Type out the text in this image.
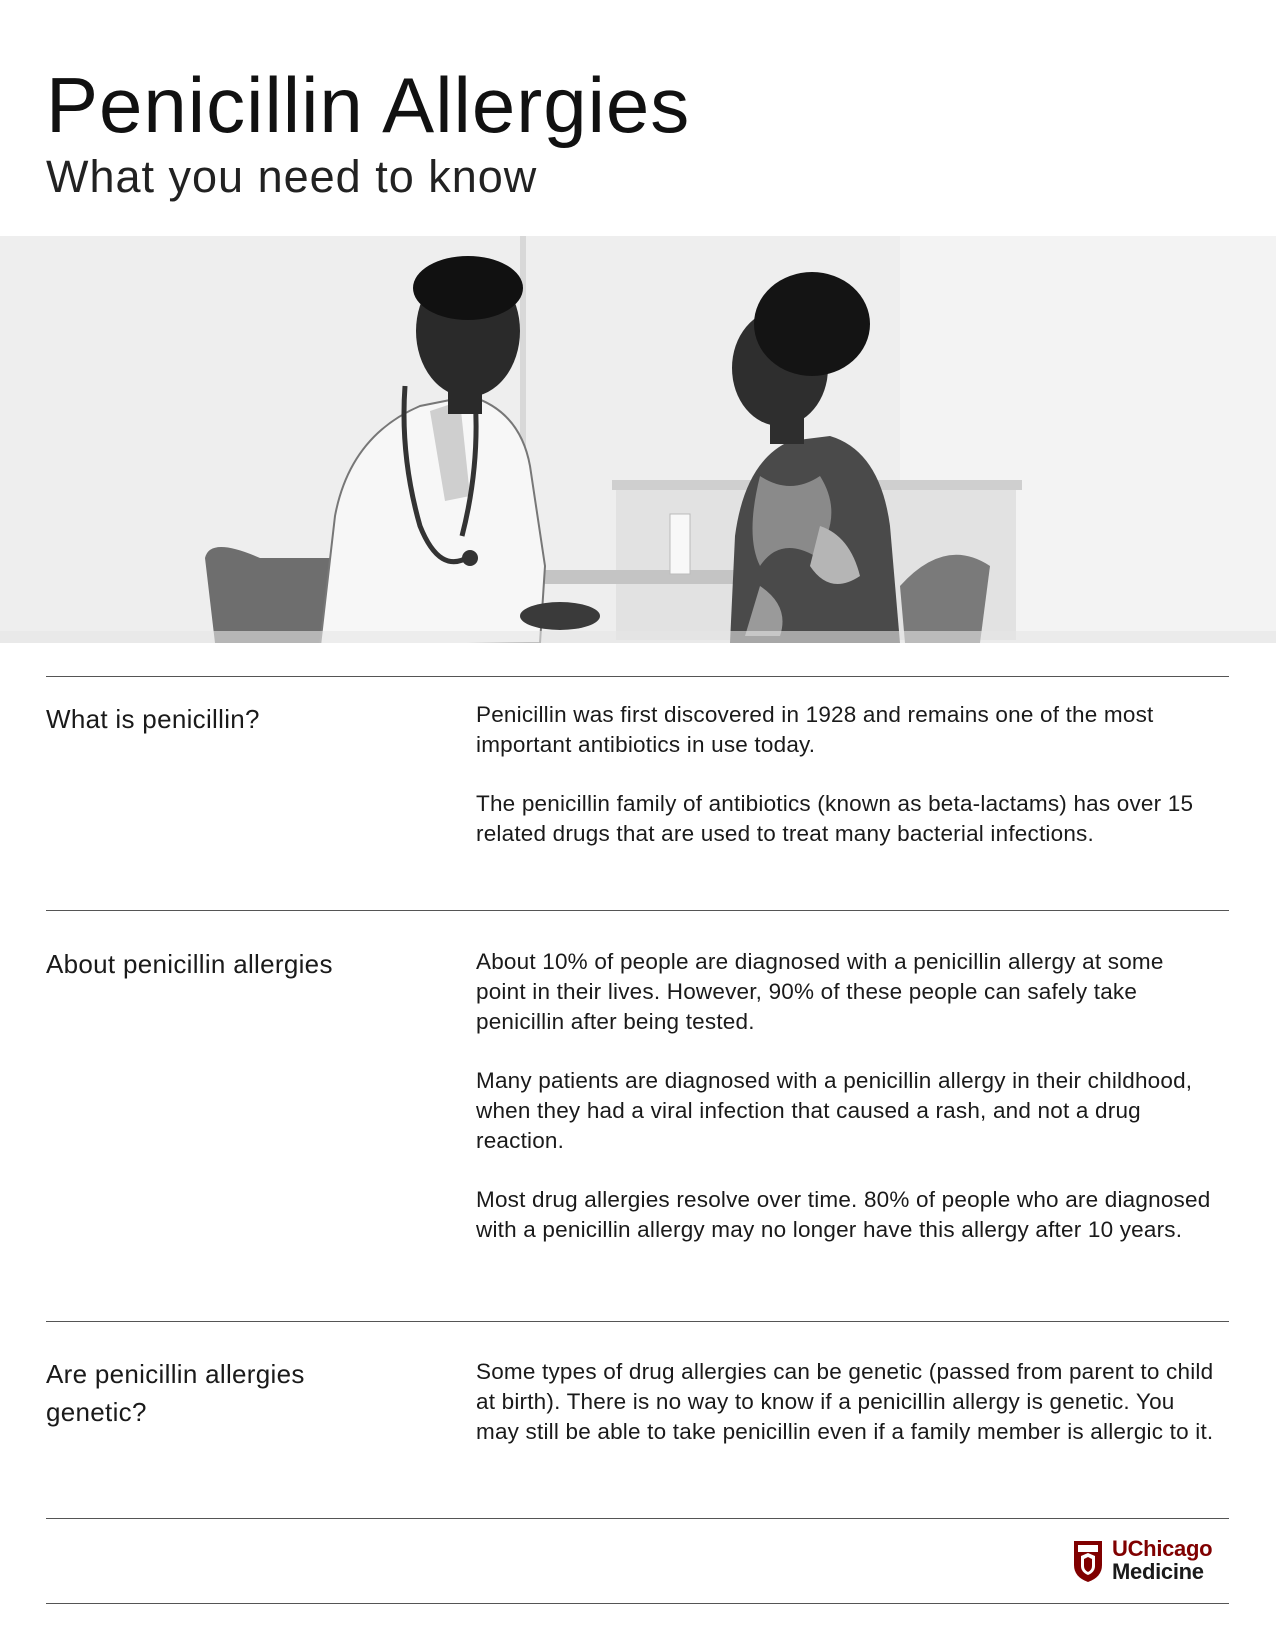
Penicillin Allergies
What you need to know
What is penicillin?	Penicillin was first discovered in 1928 and remains one of the most important antibiotics in use today.

The penicillin family of antibiotics (known as beta-lactams) has over 15 related drugs that are used to treat many bacterial infections.

About penicillin allergies	About 10% of people are diagnosed with a penicillin allergy at some point in their lives. However, 90% of these people can safely take penicillin after being tested.

Many patients are diagnosed with a penicillin allergy in their childhood, when they had a viral infection that caused a rash, and not a drug reaction.

Most drug allergies resolve over time. 80% of people who are diagnosed with a penicillin allergy may no longer have this allergy after 10 years.

Are penicillin allergies genetic?

Some types of drug allergies can be genetic (passed from parent to child at birth). There is no way to know if a penicillin allergy is genetic. You may still be able to take penicillin even if a family member is allergic to it.

UChicago
Medicine
